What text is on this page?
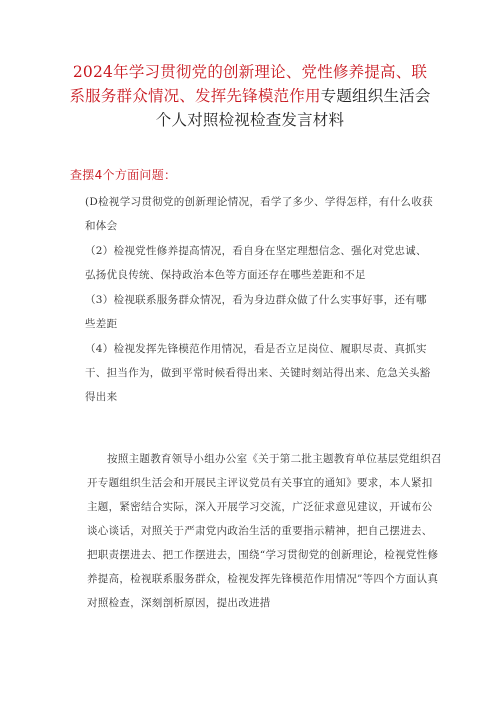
2024年学习贯彻党的创新理论、党性修养提高、联
系服务群众情况、发挥先锋模范作用专题组织生活会
个人对照检视检查发言材料
查摆4个方面问题：
(D检视学习贯彻党的创新理论情况，看学了多少、学得怎样，有什么收获和体会
（2）检视党性修养提高情况，看自身在坚定理想信念、强化对党忠诚、弘扬优良传统、保持政治本色等方面还存在哪些差距和不足
（3）检视联系服务群众情况，看为身边群众做了什么实事好事，还有哪些差距
（4）检视发挥先锋模范作用情况，看是否立足岗位、履职尽责、真抓实干、担当作为，做到平常时候看得出来、关键时刻站得出来、危急关头豁得出来
按照主题教育领导小组办公室《关于第二批主题教育单位基层党组织召开专题组织生活会和开展民主评议党员有关事宜的通知》要求，本人紧扣主题，紧密结合实际，深入开展学习交流，广泛征求意见建议，开诚布公谈心谈话，对照关于严肃党内政治生活的重要指示精神，把自己摆进去、把职责摆进去、把工作摆进去，围绕“学习贯彻党的创新理论，检视党性修养提高，检视联系服务群众，检视发挥先锋模范作用情况”等四个方面认真对照检查，深刻剖析原因，提出改进措
